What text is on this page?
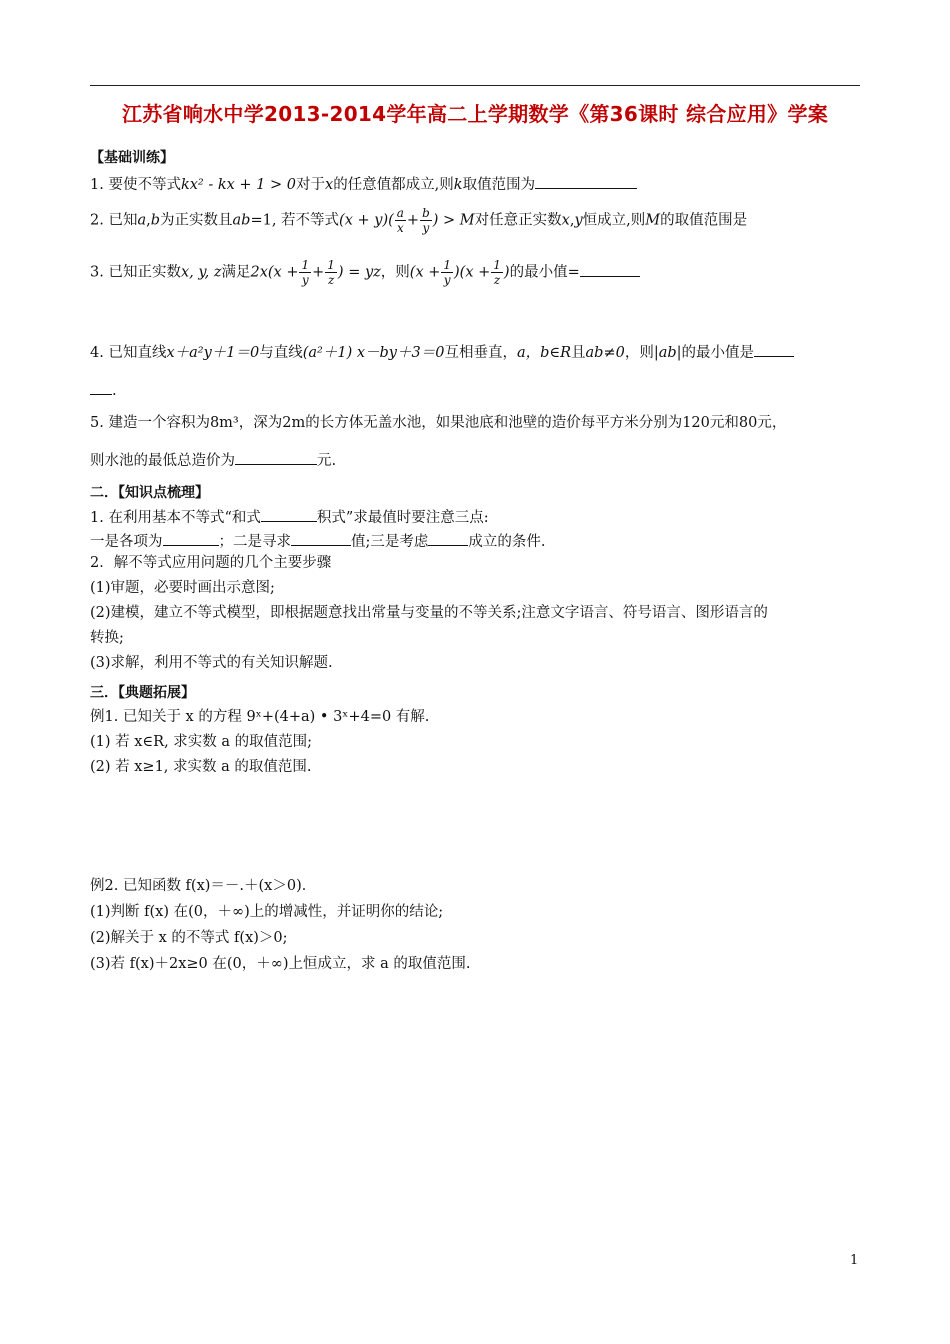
江苏省响水中学2013-2014学年高二上学期数学《第36课时 综合应用》学案
【基础训练】
1. 要使不等式kx² - kx + 1 > 0对于x的任意值都成立,则k取值范围为
2. 已知a,b为正实数且ab=1, 若不等式$(x + y)( \frac{a}{x} + \frac{b}{y}$ ) > M对任意正实数x,y恒成立,则M的取值范围是
3. 已知正实数x, y, z满足$2x(x + \frac{1}{y} + \frac{1}{z}$ ) = yz，则$(x + \frac{1}{y} )(x + \frac{1}{z}$ )的最小值=
4. 已知直线x＋a²y＋1＝0与直线(a²＋1) x－by＋3＝0互相垂直，a，b∈R且ab≠0，则|ab|的最小值是
.
5. 建造一个容积为8m³，深为2m的长方体无盖水池，如果池底和池壁的造价每平方米分别为120元和80元，
则水池的最低总造价为	元.
二．【知识点梳理】
1. 在利用基本不等式“和式	积式”求最值时要注意三点:
一是各项为	；二是寻求	值;三是考虑	成立的条件.
2．解不等式应用问题的几个主要步骤
(1)审题，必要时画出示意图;
(2)建模，建立不等式模型，即根据题意找出常量与变量的不等关系;注意文字语言、符号语言、图形语言的
转换;
(3)求解，利用不等式的有关知识解题.
三．【典题拓展】
例1. 已知关于 x 的方程 9ˣ+(4+a) • 3ˣ+4=0 有解.
(1) 若 x∈R, 求实数 a 的取值范围;
(2) 若 x≥1, 求实数 a 的取值范围.
例2. 已知函数 f(x)＝－.＋(x＞0)．
(1)判断 f(x) 在(0，＋∞)上的增减性，并证明你的结论;
(2)解关于 x 的不等式 f(x)＞0;
(3)若 f(x)＋2x≥0 在(0，＋∞)上恒成立，求 a 的取值范围.
1
